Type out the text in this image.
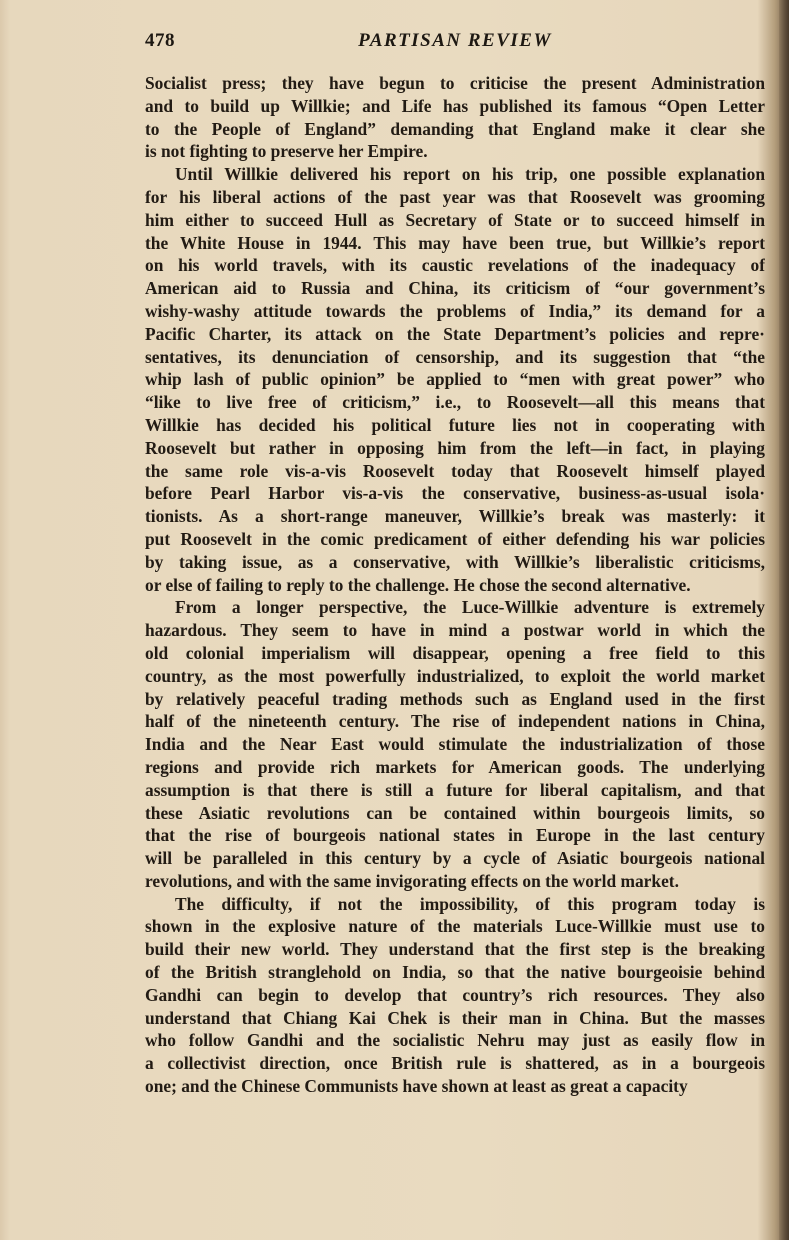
478	PARTISAN REVIEW

Socialist press; they have begun to criticise the present Administration
and to build up Willkie; and Life has published its famous “Open Letter
to the People of England” demanding that England make it clear she
is not fighting to preserve her Empire.

Until Willkie delivered his report on his trip, one possible explanation
for his liberal actions of the past year was that Roosevelt was grooming
him either to succeed Hull as Secretary of State or to succeed himself in
the White House in 1944. This may have been true, but Willkie’s report
on his world travels, with its caustic revelations of the inadequacy of
American aid to Russia and China, its criticism of “our government’s
wishy-washy attitude towards the problems of India,” its demand for a
Pacific Charter, its attack on the State Department’s policies and repre·
sentatives, its denunciation of censorship, and its suggestion that “the
whip lash of public opinion” be applied to “men with great power” who
“like to live free of criticism,” i.e., to Roosevelt—all this means that
Willkie has decided his political future lies not in cooperating with
Roosevelt but rather in opposing him from the left—in fact, in playing
the same role vis-a-vis Roosevelt today that Roosevelt himself played
before Pearl Harbor vis-a-vis the conservative, business-as-usual isola·
tionists. As a short-range maneuver, Willkie’s break was masterly: it
put Roosevelt in the comic predicament of either defending his war policies
by taking issue, as a conservative, with Willkie’s liberalistic criticisms,
or else of failing to reply to the challenge. He chose the second alternative.

From a longer perspective, the Luce-Willkie adventure is extremely
hazardous. They seem to have in mind a postwar world in which the
old colonial imperialism will disappear, opening a free field to this
country, as the most powerfully industrialized, to exploit the world market
by relatively peaceful trading methods such as England used in the first
half of the nineteenth century. The rise of independent nations in China,
India and the Near East would stimulate the industrialization of those
regions and provide rich markets for American goods. The underlying
assumption is that there is still a future for liberal capitalism, and that
these Asiatic revolutions can be contained within bourgeois limits, so
that the rise of bourgeois national states in Europe in the last century
will be paralleled in this century by a cycle of Asiatic bourgeois national
revolutions, and with the same invigorating effects on the world market.

The difficulty, if not the impossibility, of this program today is
shown in the explosive nature of the materials Luce-Willkie must use to
build their new world. They understand that the first step is the breaking
of the British stranglehold on India, so that the native bourgeoisie behind
Gandhi can begin to develop that country’s rich resources. They also
understand that Chiang Kai Chek is their man in China. But the masses
who follow Gandhi and the socialistic Nehru may just as easily flow in
a collectivist direction, once British rule is shattered, as in a bourgeois
one; and the Chinese Communists have shown at least as great a capacity
